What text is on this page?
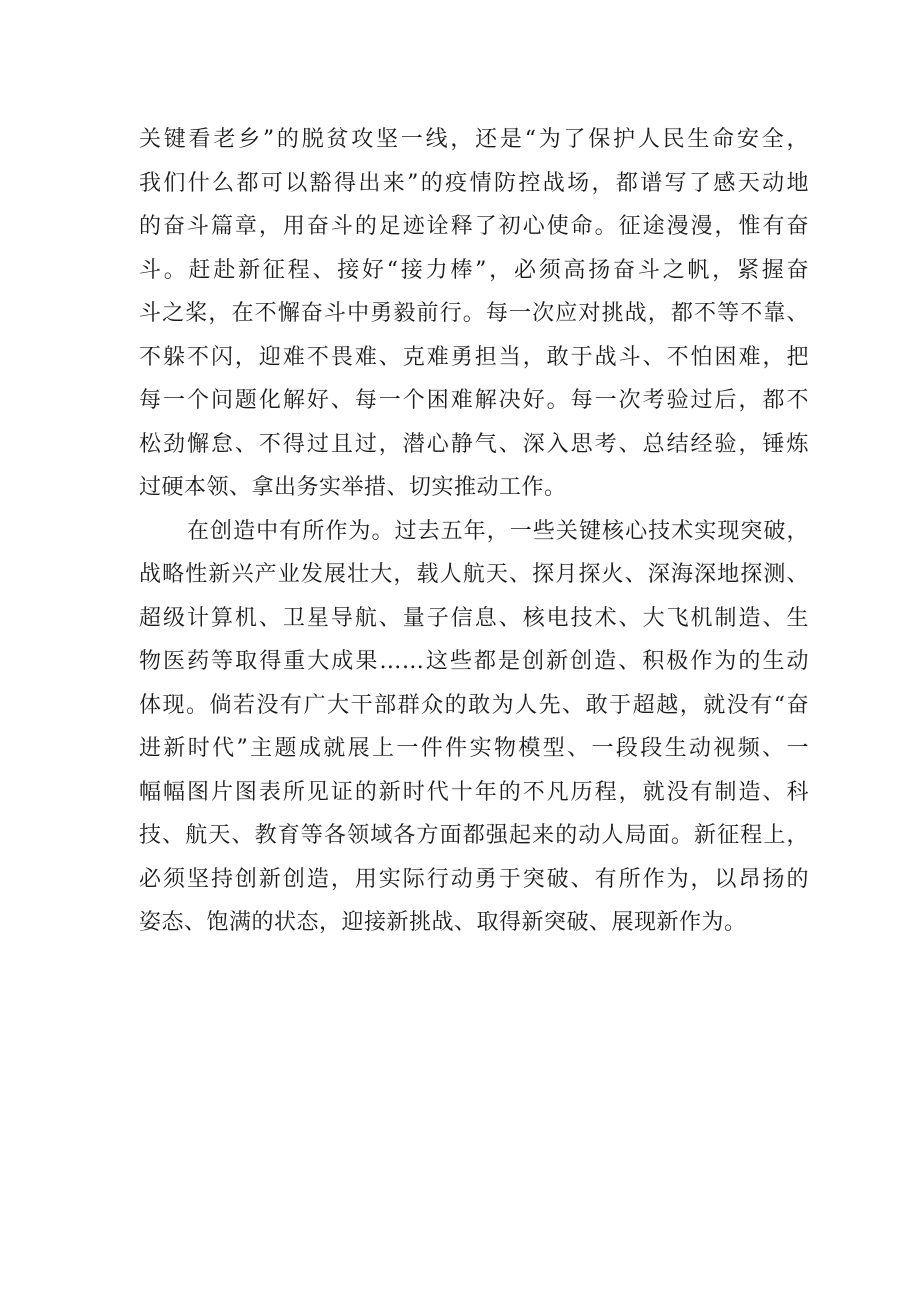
关键看老乡”的脱贫攻坚一线，还是“为了保护人民生命安全，
我们什么都可以豁得出来”的疫情防控战场，都谱写了感天动地
的奋斗篇章，用奋斗的足迹诠释了初心使命。征途漫漫，惟有奋
斗。赶赴新征程、接好“接力棒”，必须高扬奋斗之帆，紧握奋
斗之桨，在不懈奋斗中勇毅前行。每一次应对挑战，都不等不靠、
不躲不闪，迎难不畏难、克难勇担当，敢于战斗、不怕困难，把
每一个问题化解好、每一个困难解决好。每一次考验过后，都不
松劲懈怠、不得过且过，潜心静气、深入思考、总结经验，锤炼
过硬本领、拿出务实举措、切实推动工作。
在创造中有所作为。过去五年，一些关键核心技术实现突破，
战略性新兴产业发展壮大，载人航天、探月探火、深海深地探测、
超级计算机、卫星导航、量子信息、核电技术、大飞机制造、生
物医药等取得重大成果……这些都是创新创造、积极作为的生动
体现。倘若没有广大干部群众的敢为人先、敢于超越，就没有“奋
进新时代”主题成就展上一件件实物模型、一段段生动视频、一
幅幅图片图表所见证的新时代十年的不凡历程，就没有制造、科
技、航天、教育等各领域各方面都强起来的动人局面。新征程上，
必须坚持创新创造，用实际行动勇于突破、有所作为，以昂扬的
姿态、饱满的状态，迎接新挑战、取得新突破、展现新作为。
